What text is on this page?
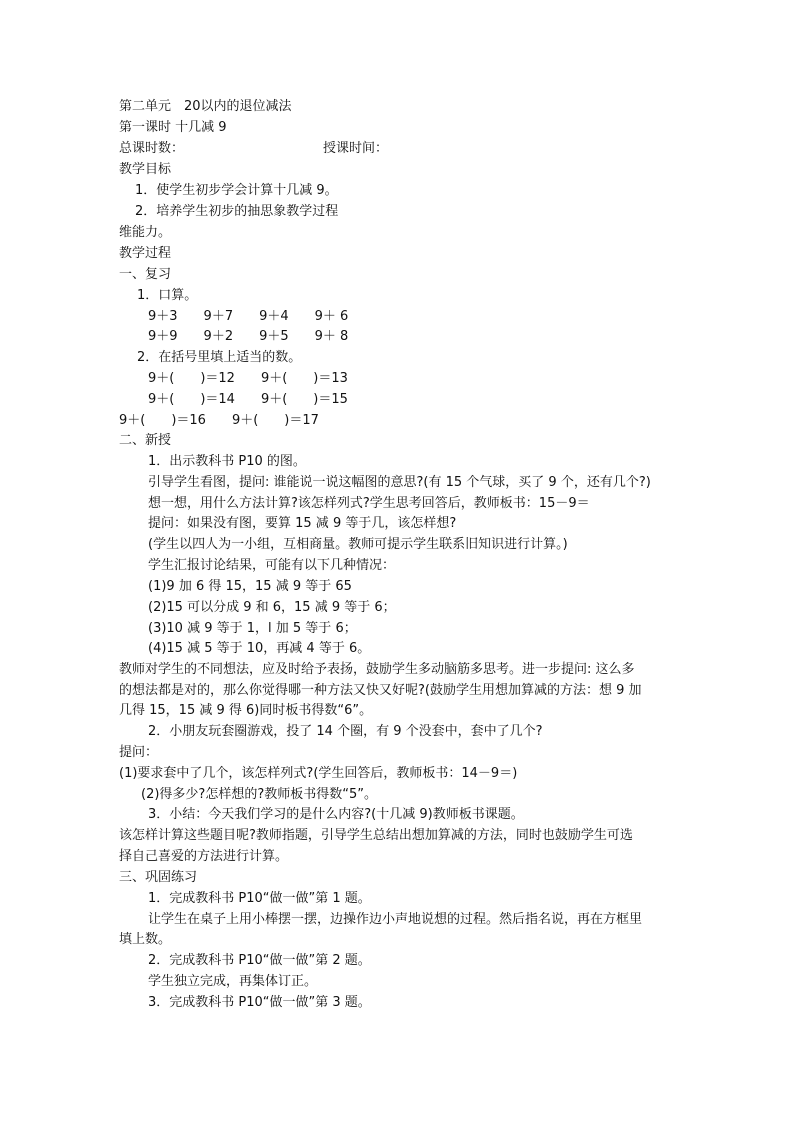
第二单元　20以内的退位减法
第一课时 十几减 9
总课时数：	授课时间：
教学目标
1．使学生初步学会计算十几减 9。
2．培养学生初步的抽思象教学过程
维能力。
教学过程
一、复习
1．口算。
9＋3　　9＋7　　9＋4　　9＋ 6
9＋9　　9＋2　　9＋5　　9＋ 8
2．在括号里填上适当的数。
9＋(　　)＝12　　9＋(　　)＝13
9＋(　　)＝14　　9＋(　　)＝15
9＋(　　)＝16　　9＋(　　)＝17
二、新授
1．出示教科书 P10 的图。
引导学生看图，提问: 谁能说一说这幅图的意思?(有 15 个气球，买了 9 个，还有几个?)
想一想，用什么方法计算?该怎样列式?学生思考回答后，教师板书：15－9＝
提问：如果没有图，要算 15 减 9 等于几，该怎样想?
(学生以四人为一小组，互相商量。教师可提示学生联系旧知识进行计算。)
学生汇报讨论结果，可能有以下几种情况：
(1)9 加 6 得 15，15 减 9 等于 65
(2)15 可以分成 9 和 6，15 减 9 等于 6；
(3)10 减 9 等于 1，l 加 5 等于 6；
(4)15 减 5 等于 10，再减 4 等于 6。
教师对学生的不同想法，应及时给予表扬，鼓励学生多动脑筋多思考。进一步提问: 这么多
的想法都是对的，那么你觉得哪一种方法又快又好呢?(鼓励学生用想加算减的方法：想 9 加
几得 15，15 减 9 得 6)同时板书得数“6”。
2．小朋友玩套圈游戏，投了 14 个圈，有 9 个没套中，套中了几个?
提问：
(1)要求套中了几个，该怎样列式?(学生回答后，教师板书：14－9＝)
(2)得多少?怎样想的?教师板书得数“5”。
3．小结：今天我们学习的是什么内容?(十几减 9)教师板书课题。
该怎样计算这些题目呢?教师指题，引导学生总结出想加算减的方法，同时也鼓励学生可选
择自己喜爱的方法进行计算。
三、巩固练习
1．完成教科书 P10“做一做”第 1 题。
让学生在桌子上用小棒摆一摆，边操作边小声地说想的过程。然后指名说，再在方框里
填上数。
2．完成教科书 P10“做一做”第 2 题。
学生独立完成，再集体订正。
3．完成教科书 P10“做一做”第 3 题。
